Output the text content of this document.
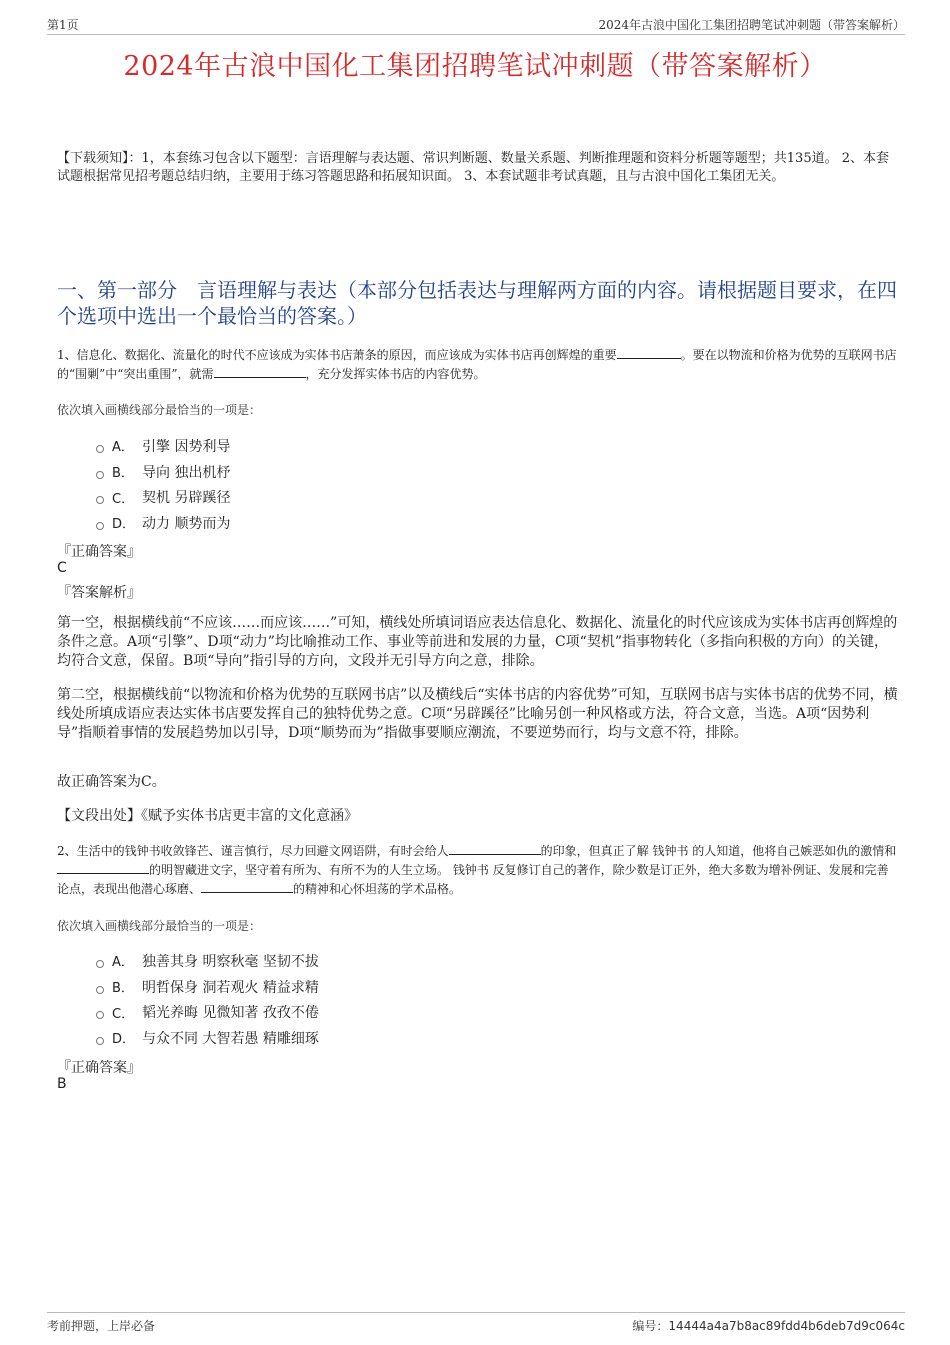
第1页	2024年古浪中国化工集团招聘笔试冲刺题（带答案解析）
2024年古浪中国化工集团招聘笔试冲刺题（带答案解析）
【下载须知】：1，本套练习包含以下题型：言语理解与表达题、常识判断题、数量关系题、判断推理题和资料分析题等题型；共135道。 2、本套试题根据常见招考题总结归纳，主要用于练习答题思路和拓展知识面。 3、本套试题非考试真题，且与古浪中国化工集团无关。
一、第一部分　言语理解与表达（本部分包括表达与理解两方面的内容。请根据题目要求，在四个选项中选出一个最恰当的答案。）
1、信息化、数据化、流量化的时代不应该成为实体书店萧条的原因，而应该成为实体书店再创辉煌的重要	。要在以物流和价格为优势的互联网书店的“围剿”中“突出重围”，就需	，充分发挥实体书店的内容优势。
依次填入画横线部分最恰当的一项是：
A． 引擎 因势利导
B． 导向 独出机杼
C． 契机 另辟蹊径
D． 动力 顺势而为
『正确答案』
C
『答案解析』
第一空，根据横线前“不应该……而应该……”可知，横线处所填词语应表达信息化、数据化、流量化的时代应该成为实体书店再创辉煌的条件之意。A项“引擎”、D项“动力”均比喻推动工作、事业等前进和发展的力量，C项“契机”指事物转化（多指向积极的方向）的关键，均符合文意，保留。B项“导向”指引导的方向，文段并无引导方向之意，排除。
第二空，根据横线前“以物流和价格为优势的互联网书店”以及横线后“实体书店的内容优势”可知，互联网书店与实体书店的优势不同，横线处所填成语应表达实体书店要发挥自己的独特优势之意。C项“另辟蹊径”比喻另创一种风格或方法，符合文意，当选。A项“因势利导”指顺着事情的发展趋势加以引导，D项“顺势而为”指做事要顺应潮流，不要逆势而行，均与文意不符，排除。
故正确答案为C。
【文段出处】《赋予实体书店更丰富的文化意涵》
2、生活中的钱钟书收敛锋芒、谨言慎行，尽力回避文网语阱，有时会给人	的印象，但真正了解 钱钟书 的人知道，他将自己嫉恶如仇的激情和的明智藏进文字，坚守着有所为、有所不为的人生立场。 钱钟书 反复修订自己的著作，除少数是订正外，绝大多数为增补例证、发展和完善论点，表现出他潜心琢磨、	的精神和心怀坦荡的学术品格。
依次填入画横线部分最恰当的一项是：
A． 独善其身 明察秋毫 坚韧不拔
B． 明哲保身 洞若观火 精益求精
C． 韬光养晦 见微知著 孜孜不倦
D． 与众不同 大智若愚 精雕细琢
『正确答案』
B
考前押题，上岸必备	编号：14444a4a7b8ac89fdd4b6deb7d9c064c
